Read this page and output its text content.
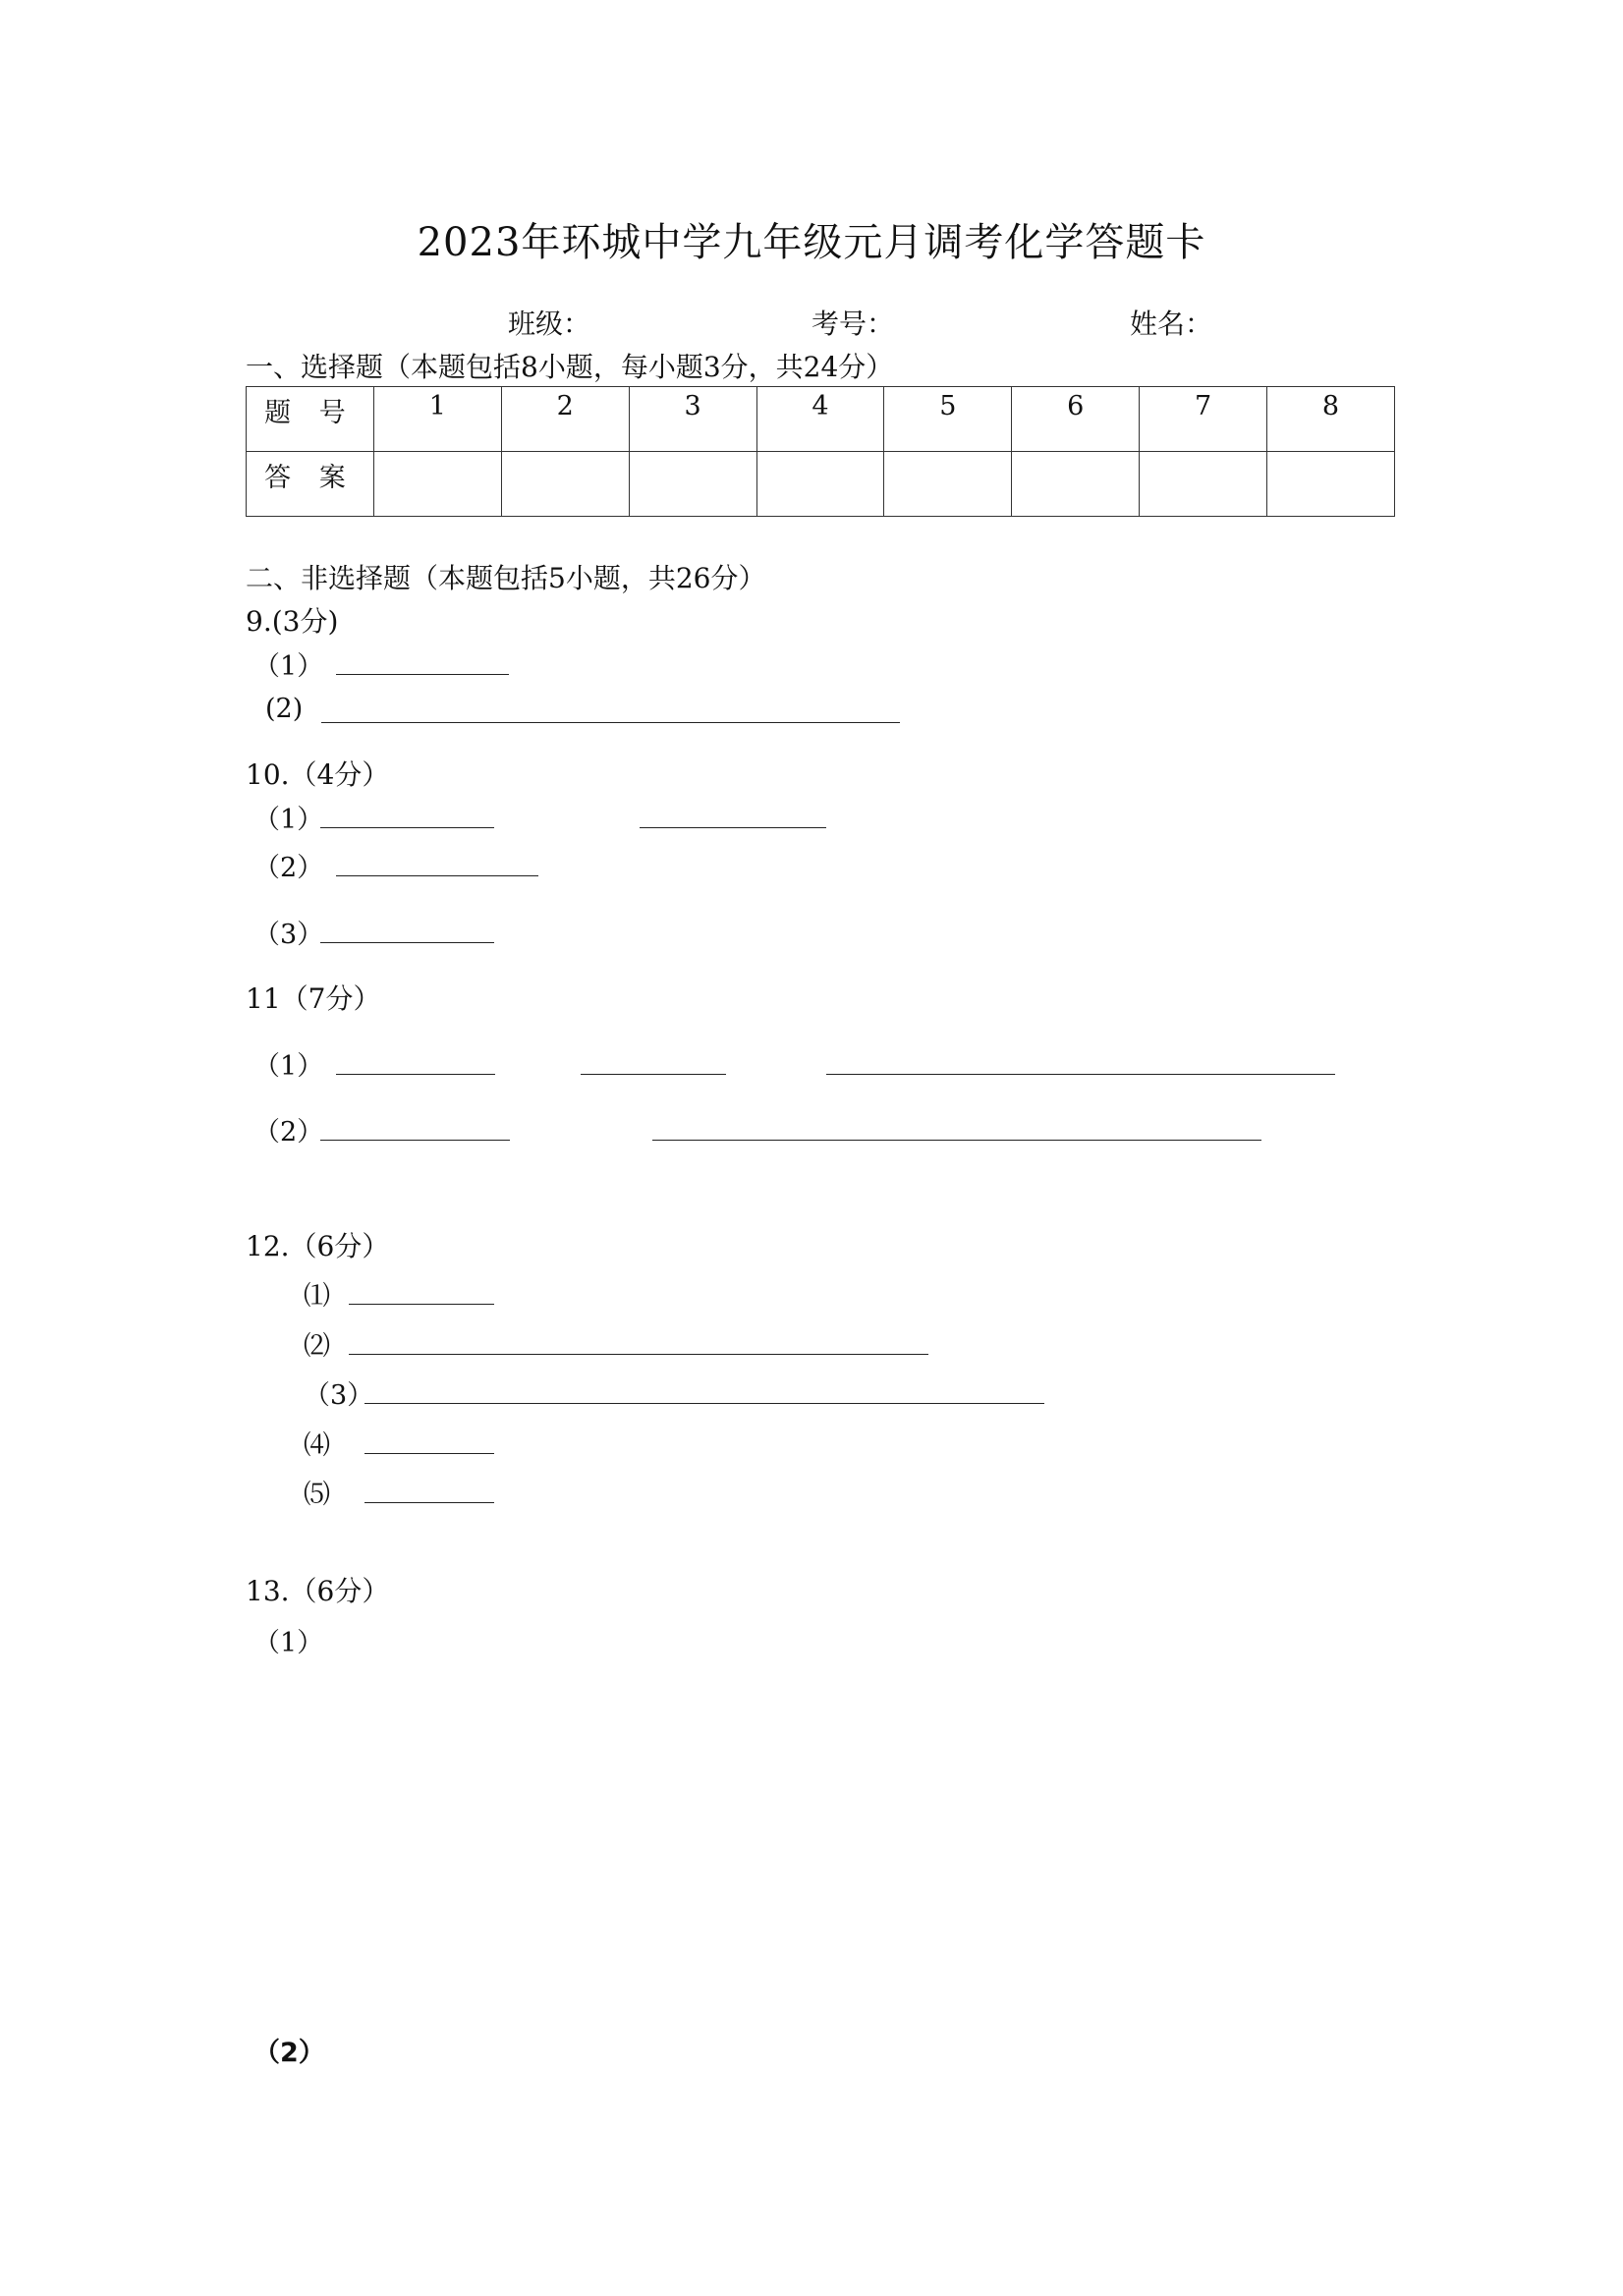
2023年环城中学九年级元月调考化学答题卡
班级：	考号：	姓名：
一、选择题（本题包括8小题，每小题3分，共24分）
题 号	1	2	3	4	5	6	7	8
答 案								
二、非选择题（本题包括5小题，共26分）
9.(3分)
（1）
(2)
10.（4分）
（1）
（2）
（3）
11（7分）
（1）
（2）
12.（6分）
⑴
⑵
（3）
⑷
⑸
13.（6分）
（1）
（2）
